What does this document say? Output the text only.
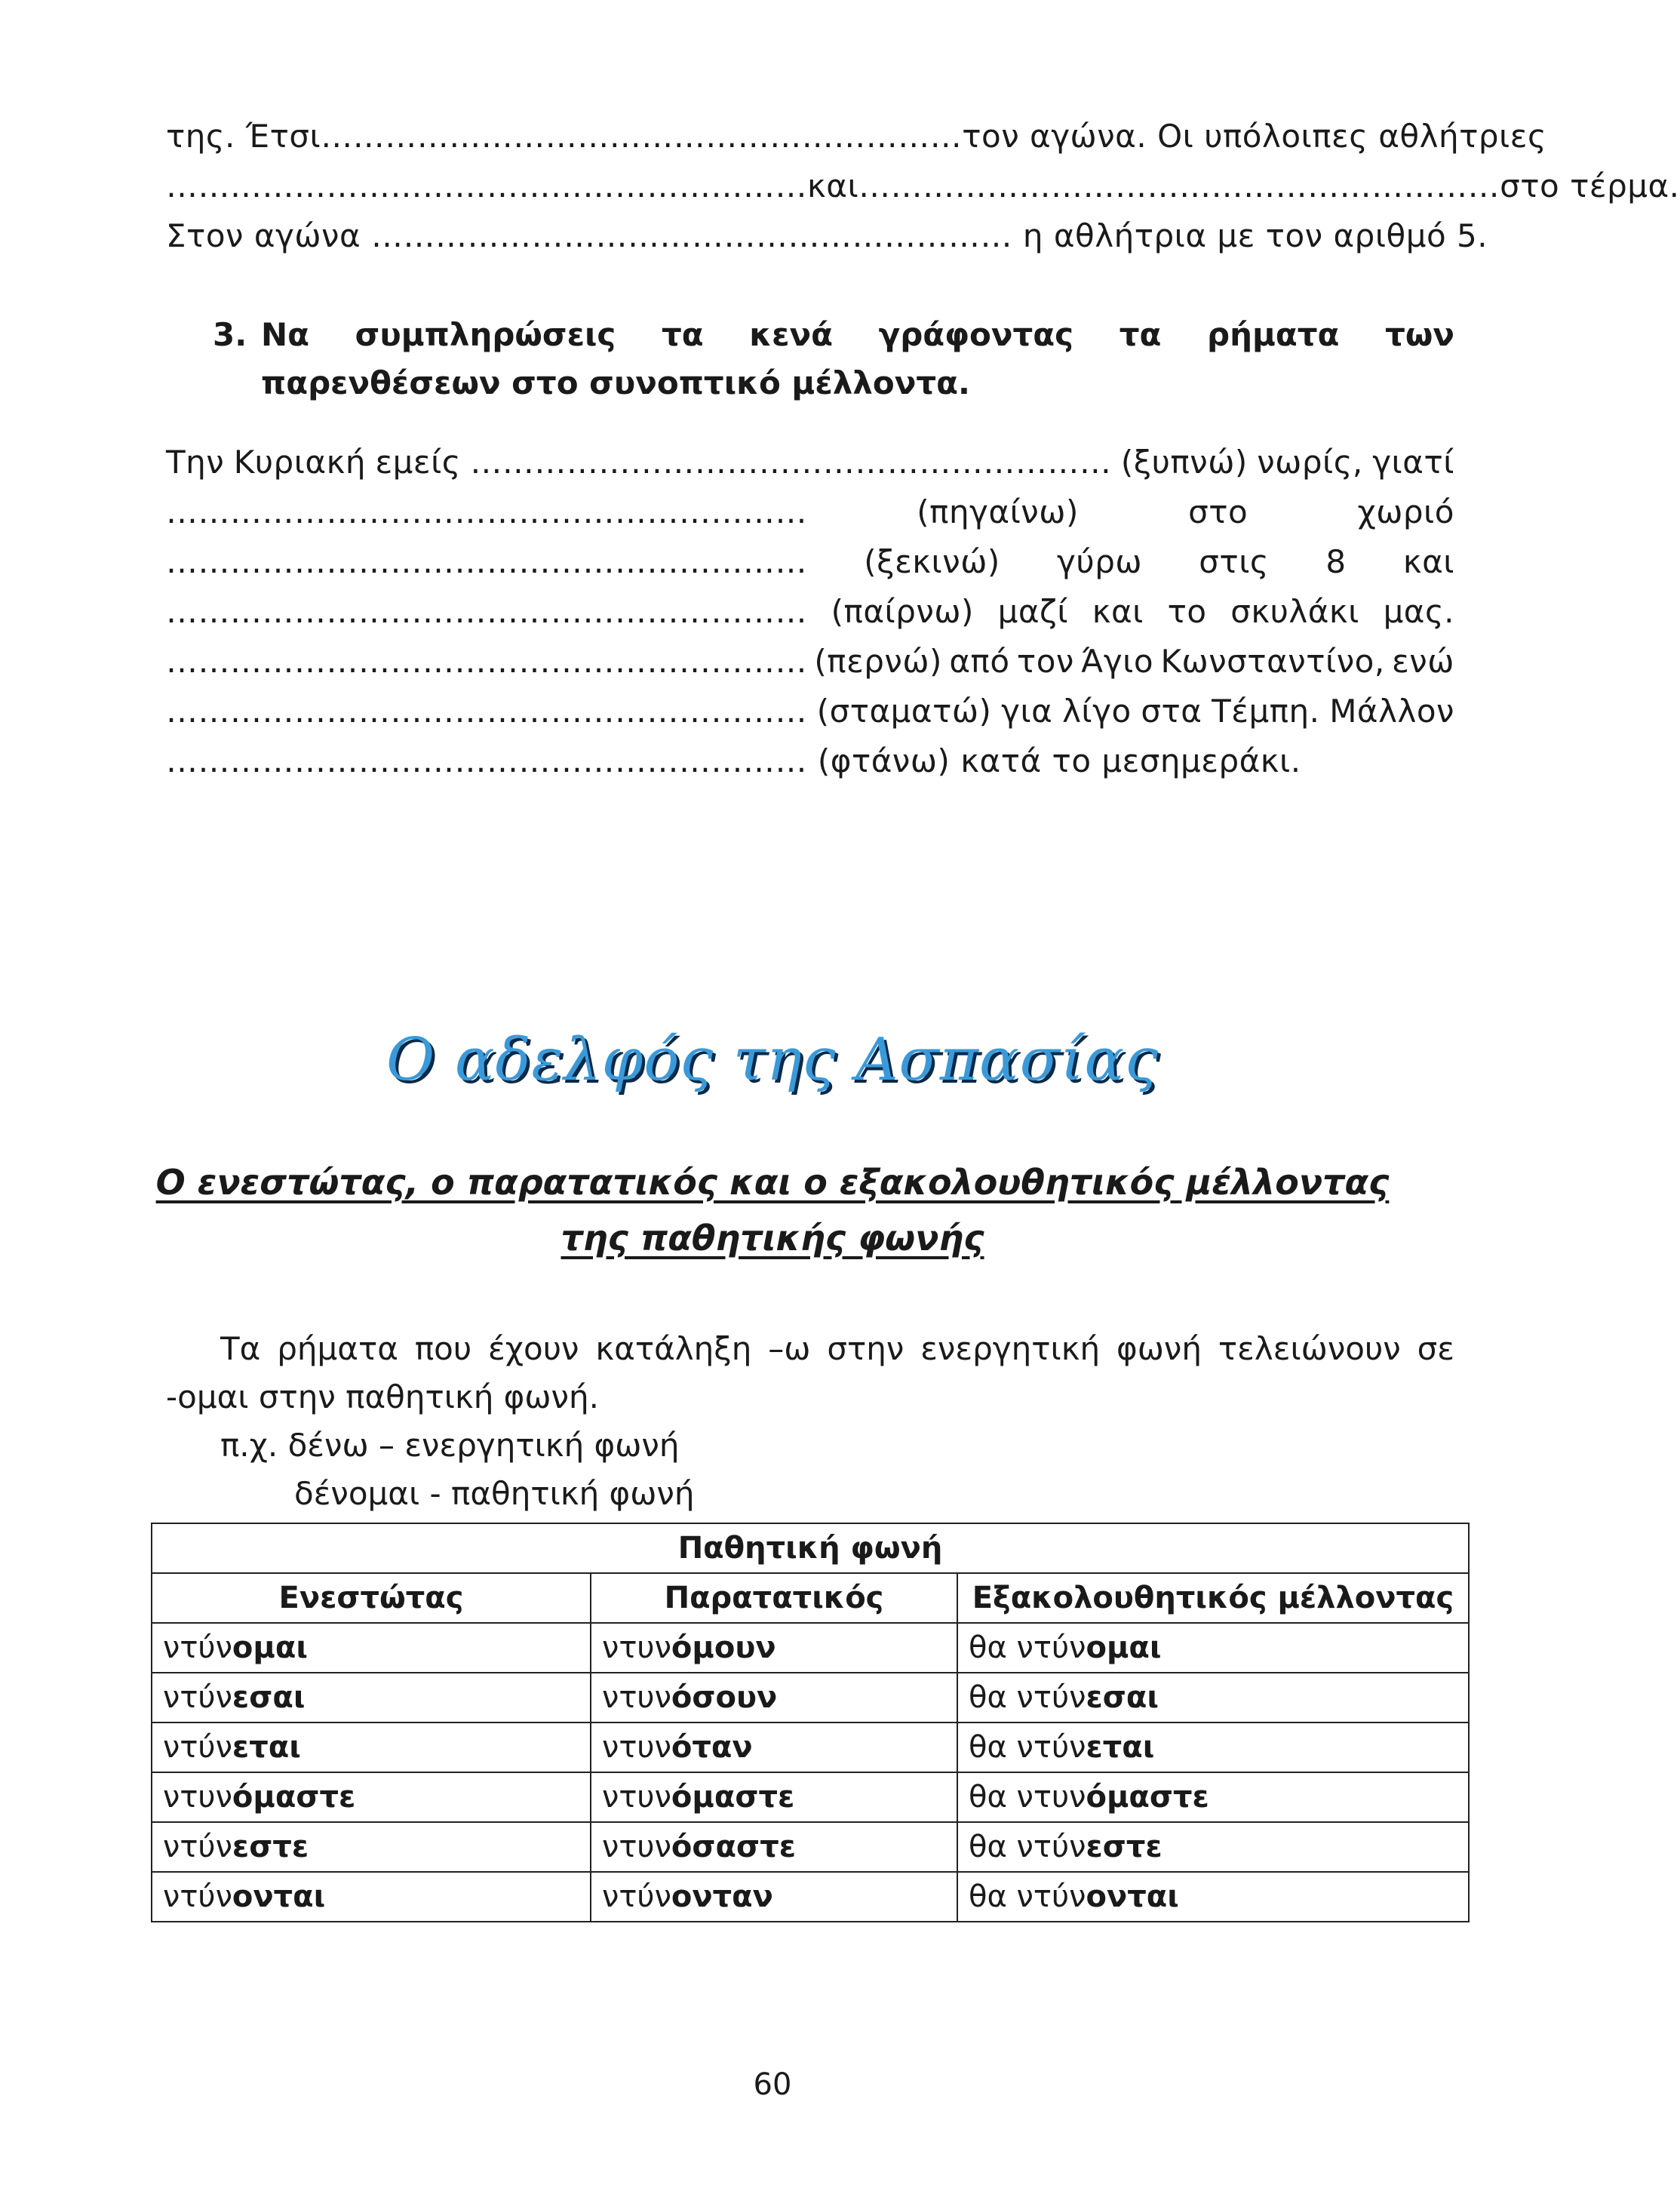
της. Έτσι …………………………………………………… τον αγώνα. Οι υπόλοιπες αθλήτριες
…………………………………………………… και …………………………………………………… στο τέρμα.
Στον αγώνα …………………………………………………… η αθλήτρια με τον αριθμό 5.
3. Να συμπληρώσεις τα κενά γράφοντας τα ρήματα των παρενθέσεων στο συνοπτικό μέλλοντα.
Την Κυριακή εμείς …………………………………………………… (ξυπνώ) νωρίς, γιατί
……………………………………………………	(πηγαίνω)	στο	χωριό
…………………………………………………… (ξεκινώ) γύρω στις 8 και
…………………………………………………… (παίρνω) μαζί και το σκυλάκι μας.
…………………………………………………… (περνώ) από τον Άγιο Κωνσταντίνο, ενώ
…………………………………………………… (σταματώ) για λίγο στα Τέμπη. Μάλλον
…………………………………………………… (φτάνω) κατά το μεσημεράκι.
Ο αδελφός της Ασπασίας
Ο ενεστώτας, ο παρατατικός και ο εξακολουθητικός μέλλοντας
της παθητικής φωνής
Τα ρήματα που έχουν κατάληξη –ω στην ενεργητική φωνή τελειώνουν σε
-ομαι στην παθητική φωνή.
π.χ. δένω – ενεργητική φωνή
δένομαι - παθητική φωνή
Παθητική φωνή		
Ενεστώτας	Παρατατικός	Εξακολουθητικός μέλλοντας
ντύνομαι	ντυνόμουν	θα ντύνομαι
ντύνεσαι	ντυνόσουν	θα ντύνεσαι
ντύνεται	ντυνόταν	θα ντύνεται
ντυνόμαστε	ντυνόμαστε	θα ντυνόμαστε
ντύνεστε	ντυνόσαστε	θα ντύνεστε
ντύνονται	ντύνονταν	θα ντύνονται
60
